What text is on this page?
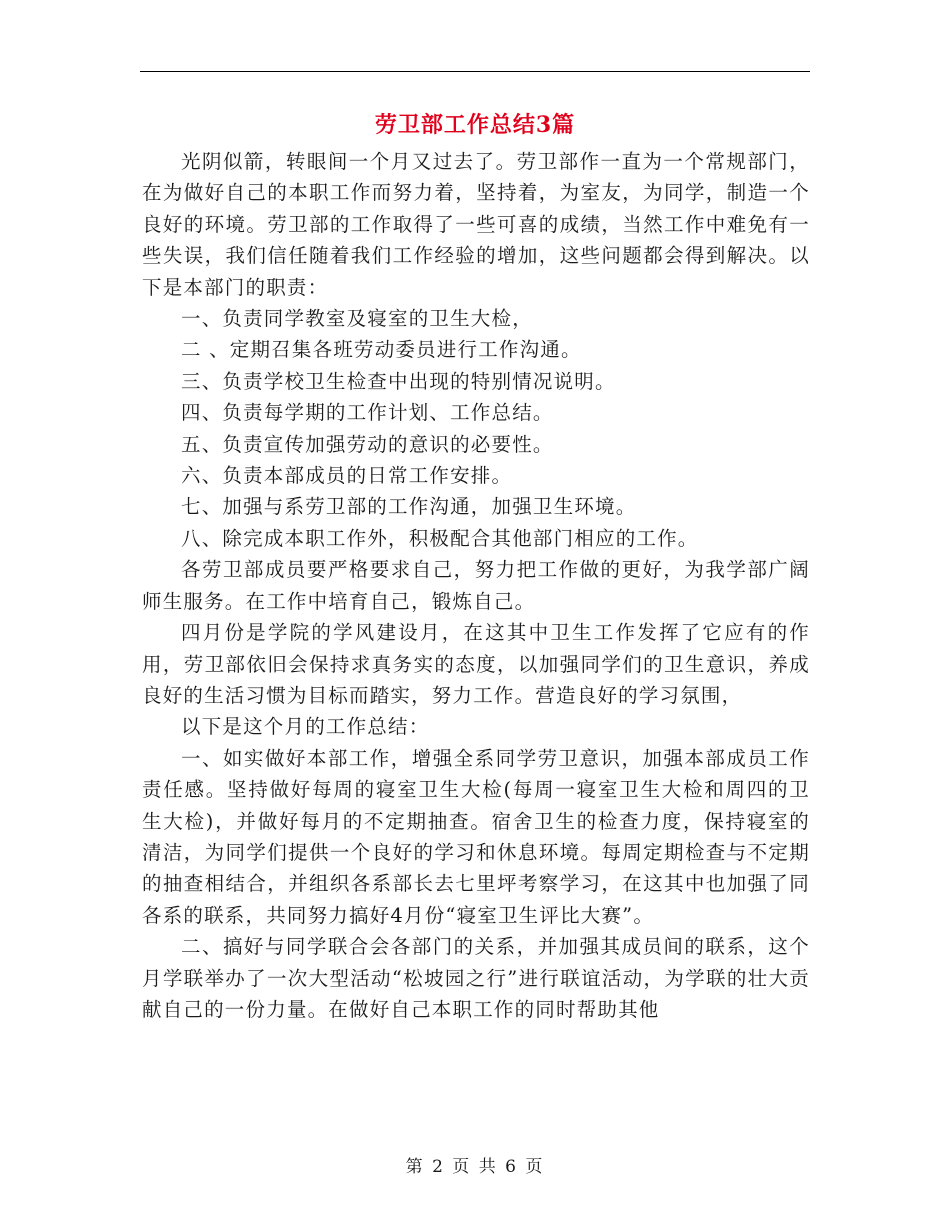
劳卫部工作总结3篇

光阴似箭，转眼间一个月又过去了。劳卫部作一直为一个常规部门，在为做好自己的本职工作而努力着，坚持着，为室友，为同学，制造一个良好的环境。劳卫部的工作取得了一些可喜的成绩，当然工作中难免有一些失误，我们信任随着我们工作经验的增加，这些问题都会得到解决。以下是本部门的职责：

一、负责同学教室及寝室的卫生大检，

二 、定期召集各班劳动委员进行工作沟通。

三、负责学校卫生检查中出现的特别情况说明。

四、负责每学期的工作计划、工作总结。

五、负责宣传加强劳动的意识的必要性。

六、负责本部成员的日常工作安排。

七、加强与系劳卫部的工作沟通，加强卫生环境。

八、除完成本职工作外，积极配合其他部门相应的工作。

各劳卫部成员要严格要求自己，努力把工作做的更好，为我学部广阔师生服务。在工作中培育自己，锻炼自己。

四月份是学院的学风建设月，在这其中卫生工作发挥了它应有的作用，劳卫部依旧会保持求真务实的态度，以加强同学们的卫生意识，养成良好的生活习惯为目标而踏实，努力工作。营造良好的学习氛围，

以下是这个月的工作总结：

一、如实做好本部工作，增强全系同学劳卫意识，加强本部成员工作责任感。坚持做好每周的寝室卫生大检(每周一寝室卫生大检和周四的卫生大检)，并做好每月的不定期抽查。宿舍卫生的检查力度，保持寝室的清洁，为同学们提供一个良好的学习和休息环境。每周定期检查与不定期的抽查相结合，并组织各系部长去七里坪考察学习，在这其中也加强了同各系的联系，共同努力搞好4月份“寝室卫生评比大赛”。

二、搞好与同学联合会各部门的关系，并加强其成员间的联系，这个月学联举办了一次大型活动“松坡园之行”进行联谊活动，为学联的壮大贡献自己的一份力量。在做好自己本职工作的同时帮助其他

第 2 页 共 6 页
